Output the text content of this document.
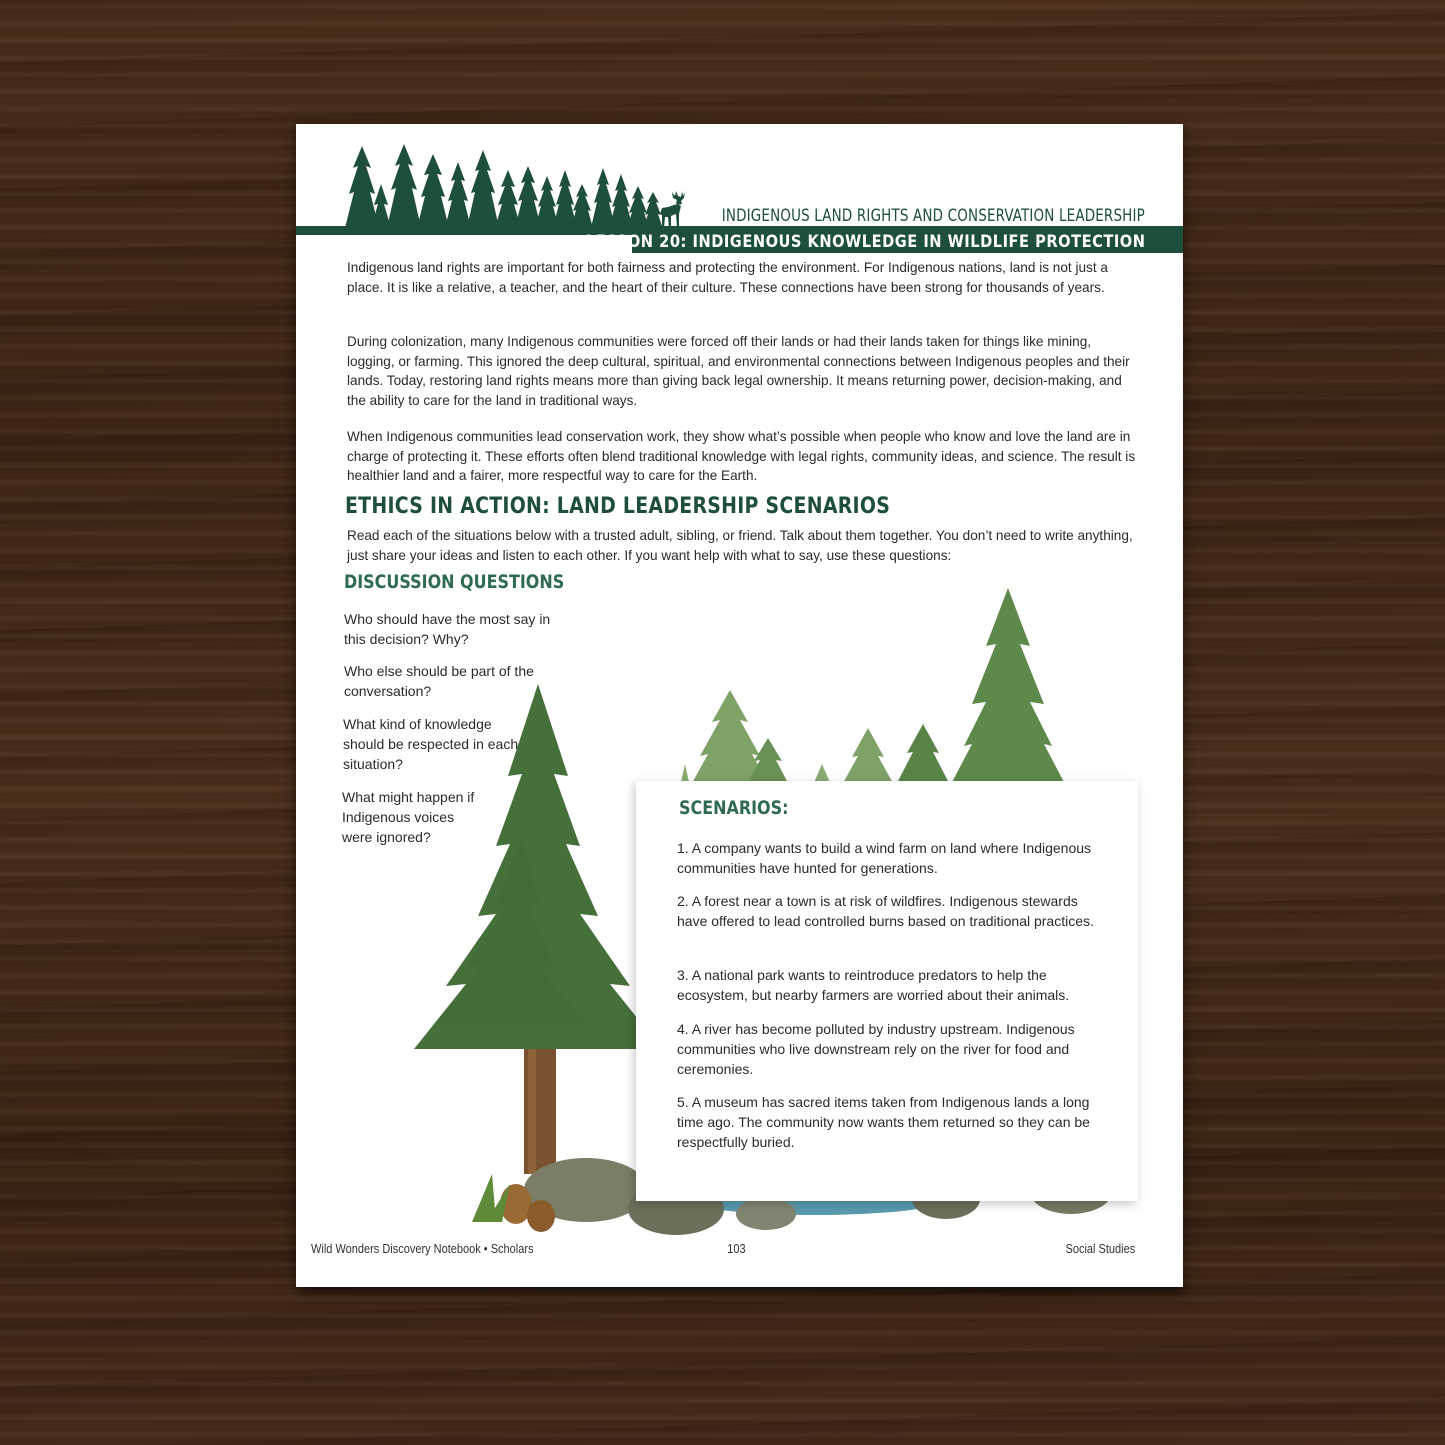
INDIGENOUS LAND RIGHTS AND CONSERVATION LEADERSHIP
LESSON 20: INDIGENOUS KNOWLEDGE IN WILDLIFE PROTECTION

Indigenous land rights are important for both fairness and protecting the environment. For Indigenous nations, land is not just a place. It is like a relative, a teacher, and the heart of their culture. These connections have been strong for thousands of years.

During colonization, many Indigenous communities were forced off their lands or had their lands taken for things like mining, logging, or farming. This ignored the deep cultural, spiritual, and environmental connections between Indigenous peoples and their lands. Today, restoring land rights means more than giving back legal ownership. It means returning power, decision-making, and the ability to care for the land in traditional ways.

When Indigenous communities lead conservation work, they show what’s possible when people who know and love the land are in charge of protecting it. These efforts often blend traditional knowledge with legal rights, community ideas, and science. The result is healthier land and a fairer, more respectful way to care for the Earth.

ETHICS IN ACTION: LAND LEADERSHIP SCENARIOS

Read each of the situations below with a trusted adult, sibling, or friend. Talk about them together. You don’t need to write anything, just share your ideas and listen to each other. If you want help with what to say, use these questions:

DISCUSSION QUESTIONS

Who should have the most say in this decision? Why?

Who else should be part of the conversation?

What kind of knowledge should be respected in each situation?

What might happen if Indigenous voices were ignored?

SCENARIOS:

1. A company wants to build a wind farm on land where Indigenous communities have hunted for generations.

2. A forest near a town is at risk of wildfires. Indigenous stewards have offered to lead controlled burns based on traditional practices.

3. A national park wants to reintroduce predators to help the ecosystem, but nearby farmers are worried about their animals.

4. A river has become polluted by industry upstream. Indigenous communities who live downstream rely on the river for food and ceremonies.

5. A museum has sacred items taken from Indigenous lands a long time ago. The community now wants them returned so they can be respectfully buried.

Wild Wonders Discovery Notebook • Scholars	103	Social Studies
